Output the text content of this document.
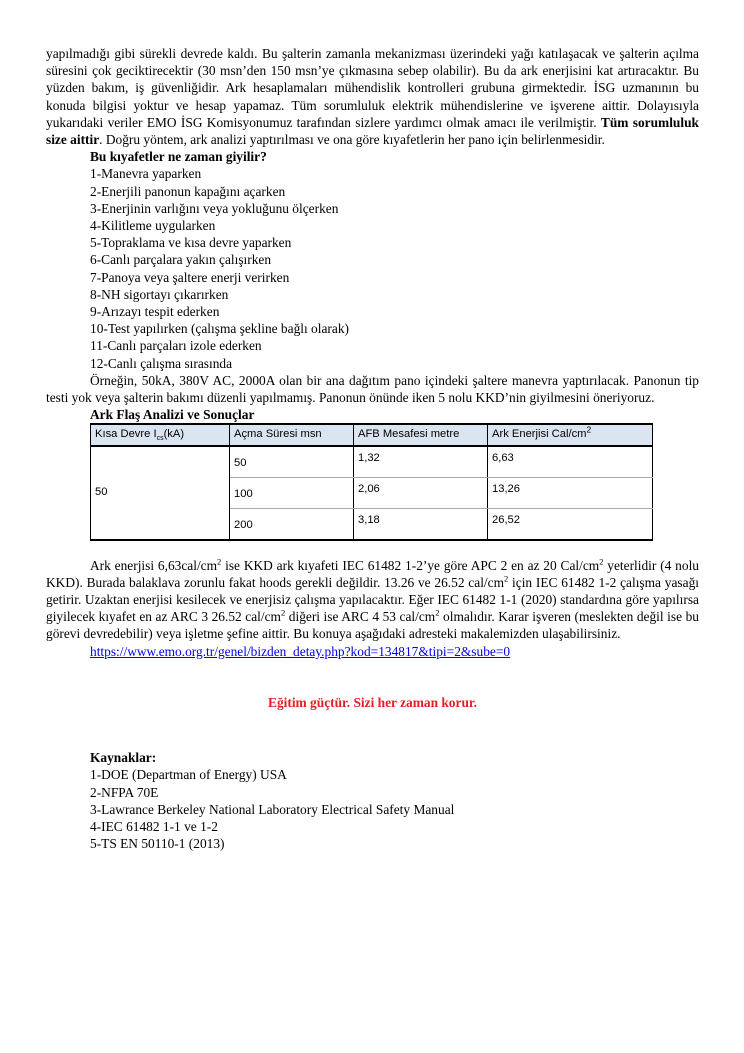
yapılmadığı gibi sürekli devrede kaldı. Bu şalterin zamanla mekanizması üzerindeki yağı katılaşacak ve şalterin açılma süresini çok geciktirecektir (30 msn’den 150 msn’ye çıkmasına sebep olabilir). Bu da ark enerjisini kat artıracaktır. Bu yüzden bakım, iş güvenliğidir. Ark hesaplamaları mühendislik kontrolleri grubuna girmektedir. İSG uzmanının bu konuda bilgisi yoktur ve hesap yapamaz. Tüm sorumluluk elektrik mühendislerine ve işverene aittir. Dolayısıyla yukarıdaki veriler EMO İSG Komisyonumuz tarafından sizlere yardımcı olmak amacı ile verilmiştir. Tüm sorumluluk size aittir. Doğru yöntem, ark analizi yaptırılması ve ona göre kıyafetlerin her pano için belirlenmesidir.

Bu kıyafetler ne zaman giyilir?

1-Manevra yaparken
2-Enerjili panonun kapağını açarken
3-Enerjinin varlığını veya yokluğunu ölçerken
4-Kilitleme uygularken
5-Topraklama ve kısa devre yaparken
6-Canlı parçalara yakın çalışırken
7-Panoya veya şaltere enerji verirken
8-NH sigortayı çıkarırken
9-Arızayı tespit ederken
10-Test yapılırken (çalışma şekline bağlı olarak)
11-Canlı parçaları izole ederken
12-Canlı çalışma sırasında

Örneğin, 50kA, 380V AC, 2000A olan bir ana dağıtım pano içindeki şaltere manevra yaptırılacak. Panonun tip testi yok veya şalterin bakımı düzenli yapılmamış. Panonun önünde iken 5 nolu KKD’nin giyilmesini öneriyoruz.

Ark Flaş Analizi ve Sonuçlar

Kısa Devre $I_{cs}(kA)$	Açma Süresi msn	AFB Mesafesi metre	Ark Enerjisi Cal/$cm^2$
50	50	1,32	6,63
	100	2,06	13,26
	200	3,18	26,52

Ark enerjisi $6,63cal/cm^2$ ise KKD ark kıyafeti IEC 61482 1-2’ye göre APC 2 en az 20 Cal/$cm^2$ yeterlidir (4 nolu KKD). Burada balaklava zorunlu fakat hoods gerekli değildir. 13.26 ve 26.52 cal/$cm^2$ için IEC 61482 1-2 çalışma yasağı getirir. Uzaktan enerjisi kesilecek ve enerjisiz çalışma yapılacaktır. Eğer IEC 61482 1-1 (2020) standardına göre yapılırsa giyilecek kıyafet en az ARC 3 26.52 cal/$cm^2$ diğeri ise ARC 4 53 cal/$cm^2$ olmalıdır. Karar işveren (meslekten değil ise bu görevi devredebilir) veya işletme şefine aittir. Bu konuya aşağıdaki adresteki makalemizden ulaşabilirsiniz.

https://www.emo.org.tr/genel/bizden_detay.php?kod=134817&tipi=2&sube=0

Eğitim güçtür. Sizi her zaman korur.

Kaynaklar:

1-DOE (Departman of Energy) USA
2-NFPA 70E
3-Lawrance Berkeley National Laboratory Electrical Safety Manual
4-IEC 61482 1-1 ve 1-2
5-TS EN 50110-1 (2013)
